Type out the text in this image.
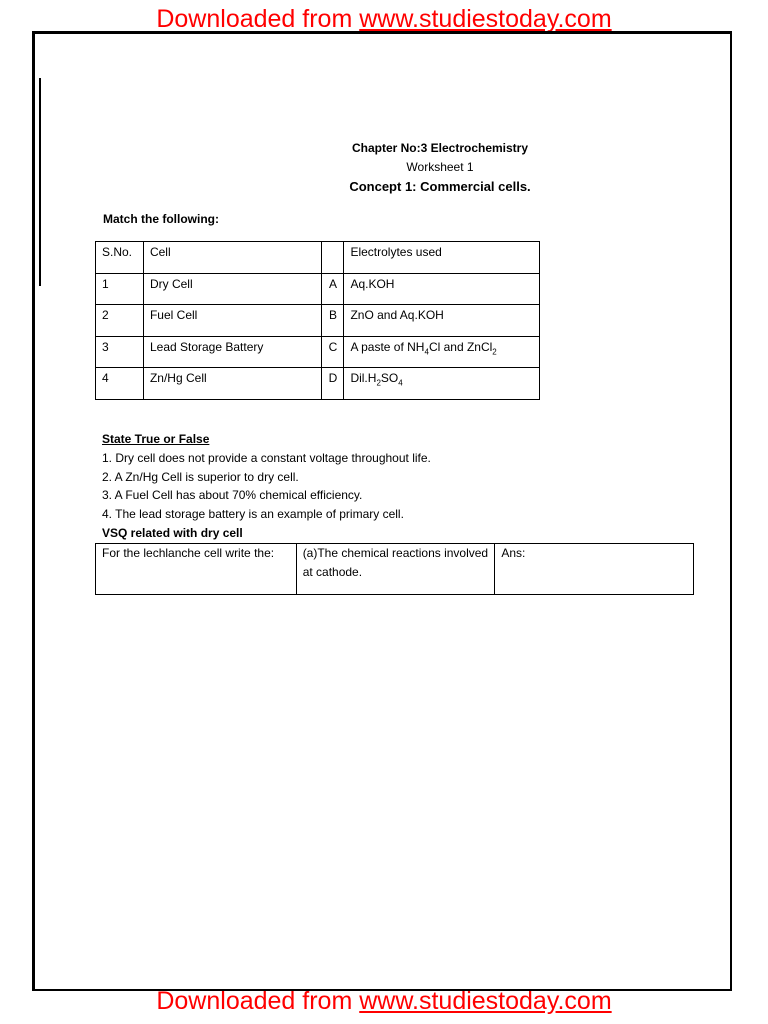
Downloaded from www.studiestoday.com
Chapter No:3 Electrochemistry
Worksheet 1
Concept 1: Commercial cells.
Match the following:
S.No.	Cell		Electrolytes used
1	Dry Cell	A	Aq.KOH
2	Fuel Cell	B	ZnO and Aq.KOH
3	Lead Storage Battery	C	A paste of $NH_4Cl$ and ZnCl$_2$
4	Zn/Hg Cell	D	$Dil.H_2SO_4$
State True or False
1. Dry cell does not provide a constant voltage throughout life.
2. A Zn/Hg Cell is superior to dry cell.
3. A Fuel Cell has about 70% chemical efficiency.
4. The lead storage battery is an example of primary cell.
VSQ related with dry cell
For the lechlanche cell write the:	(a)The chemical reactions involved at cathode.	Ans:
Downloaded from www.studiestoday.com
